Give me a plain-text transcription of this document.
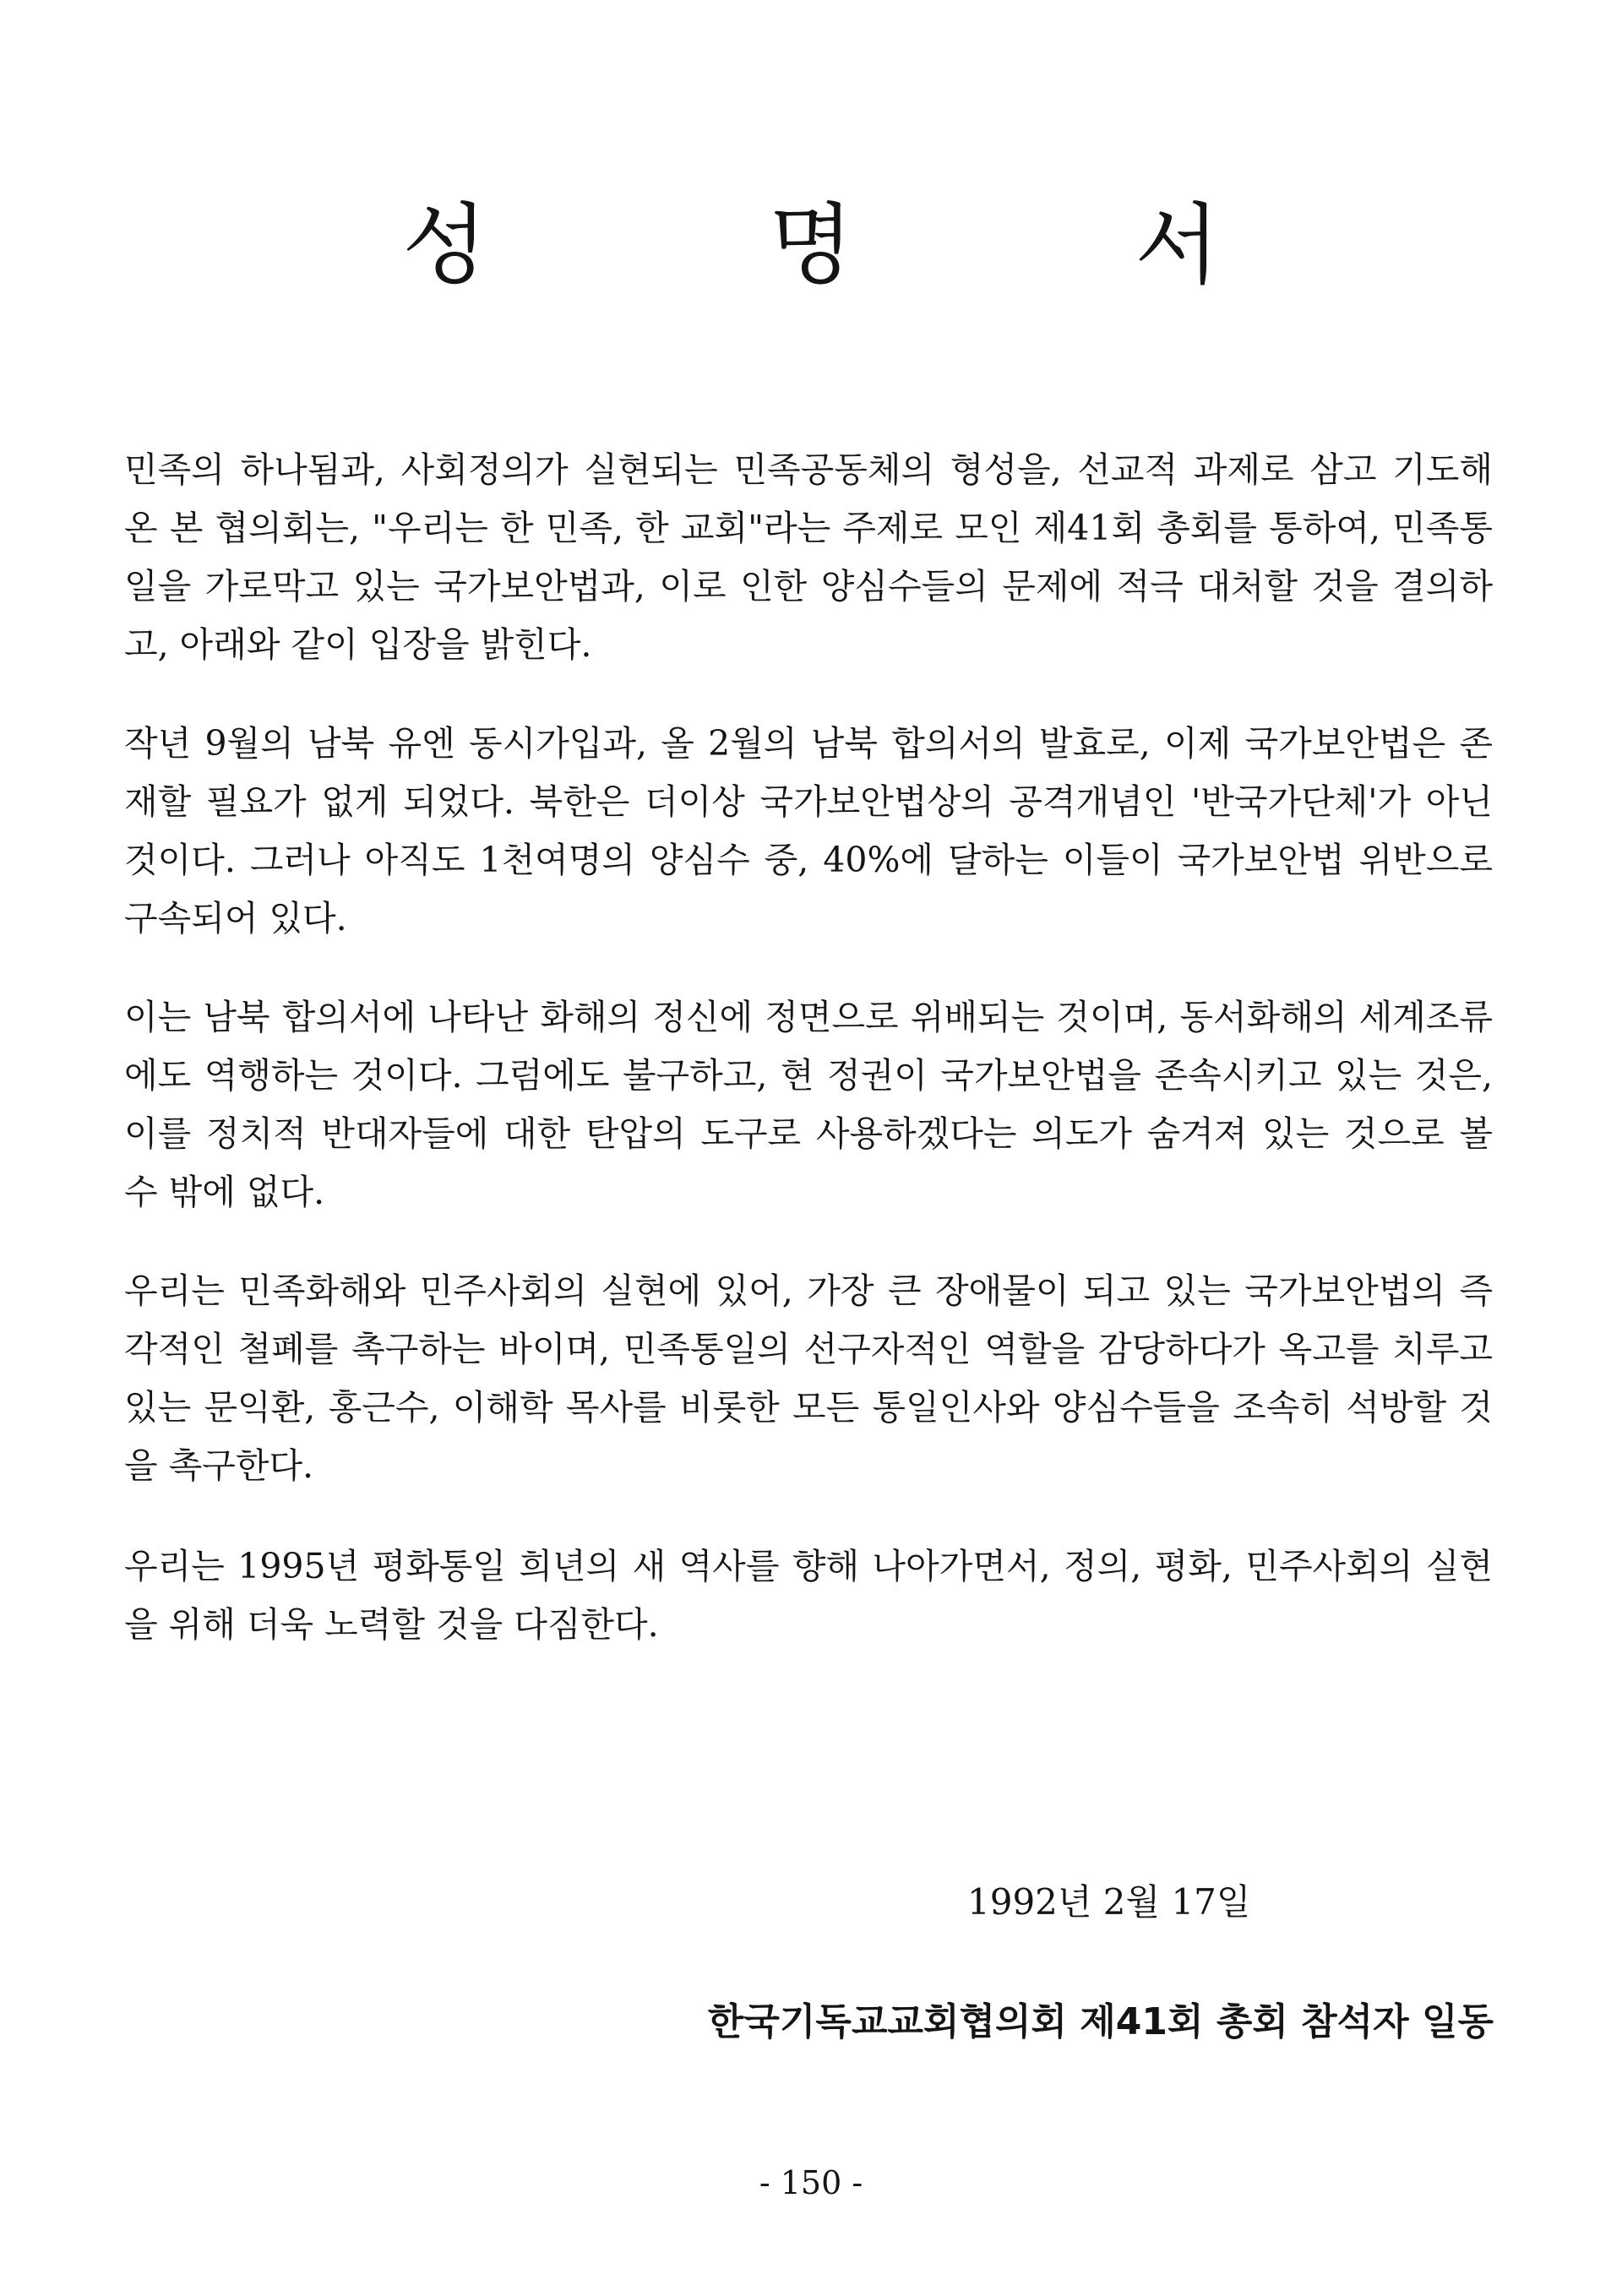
성 명 서

민족의 하나됨과, 사회정의가 실현되는 민족공동체의 형성을, 선교적 과제로 삼고 기도해 온 본 협의회는, "우리는 한 민족, 한 교회"라는 주제로 모인 제41회 총회를 통하여, 민족통일을 가로막고 있는 국가보안법과, 이로 인한 양심수들의 문제에 적극 대처할 것을 결의하고, 아래와 같이 입장을 밝힌다.

작년 9월의 남북 유엔 동시가입과, 올 2월의 남북 합의서의 발효로, 이제 국가보안법은 존재할 필요가 없게 되었다. 북한은 더이상 국가보안법상의 공격개념인 '반국가단체'가 아닌 것이다. 그러나 아직도 1천여명의 양심수 중, 40%에 달하는 이들이 국가보안법 위반으로 구속되어 있다.

이는 남북 합의서에 나타난 화해의 정신에 정면으로 위배되는 것이며, 동서화해의 세계조류에도 역행하는 것이다. 그럼에도 불구하고, 현 정권이 국가보안법을 존속시키고 있는 것은, 이를 정치적 반대자들에 대한 탄압의 도구로 사용하겠다는 의도가 숨겨져 있는 것으로 볼 수 밖에 없다.

우리는 민족화해와 민주사회의 실현에 있어, 가장 큰 장애물이 되고 있는 국가보안법의 즉각적인 철폐를 촉구하는 바이며, 민족통일의 선구자적인 역할을 감당하다가 옥고를 치루고 있는 문익환, 홍근수, 이해학 목사를 비롯한 모든 통일인사와 양심수들을 조속히 석방할 것을 촉구한다.

우리는 1995년 평화통일 희년의 새 역사를 향해 나아가면서, 정의, 평화, 민주사회의 실현을 위해 더욱 노력할 것을 다짐한다.

1992년 2월 17일

한국기독교교회협의회 제41회 총회 참석자 일동

- 150 -
